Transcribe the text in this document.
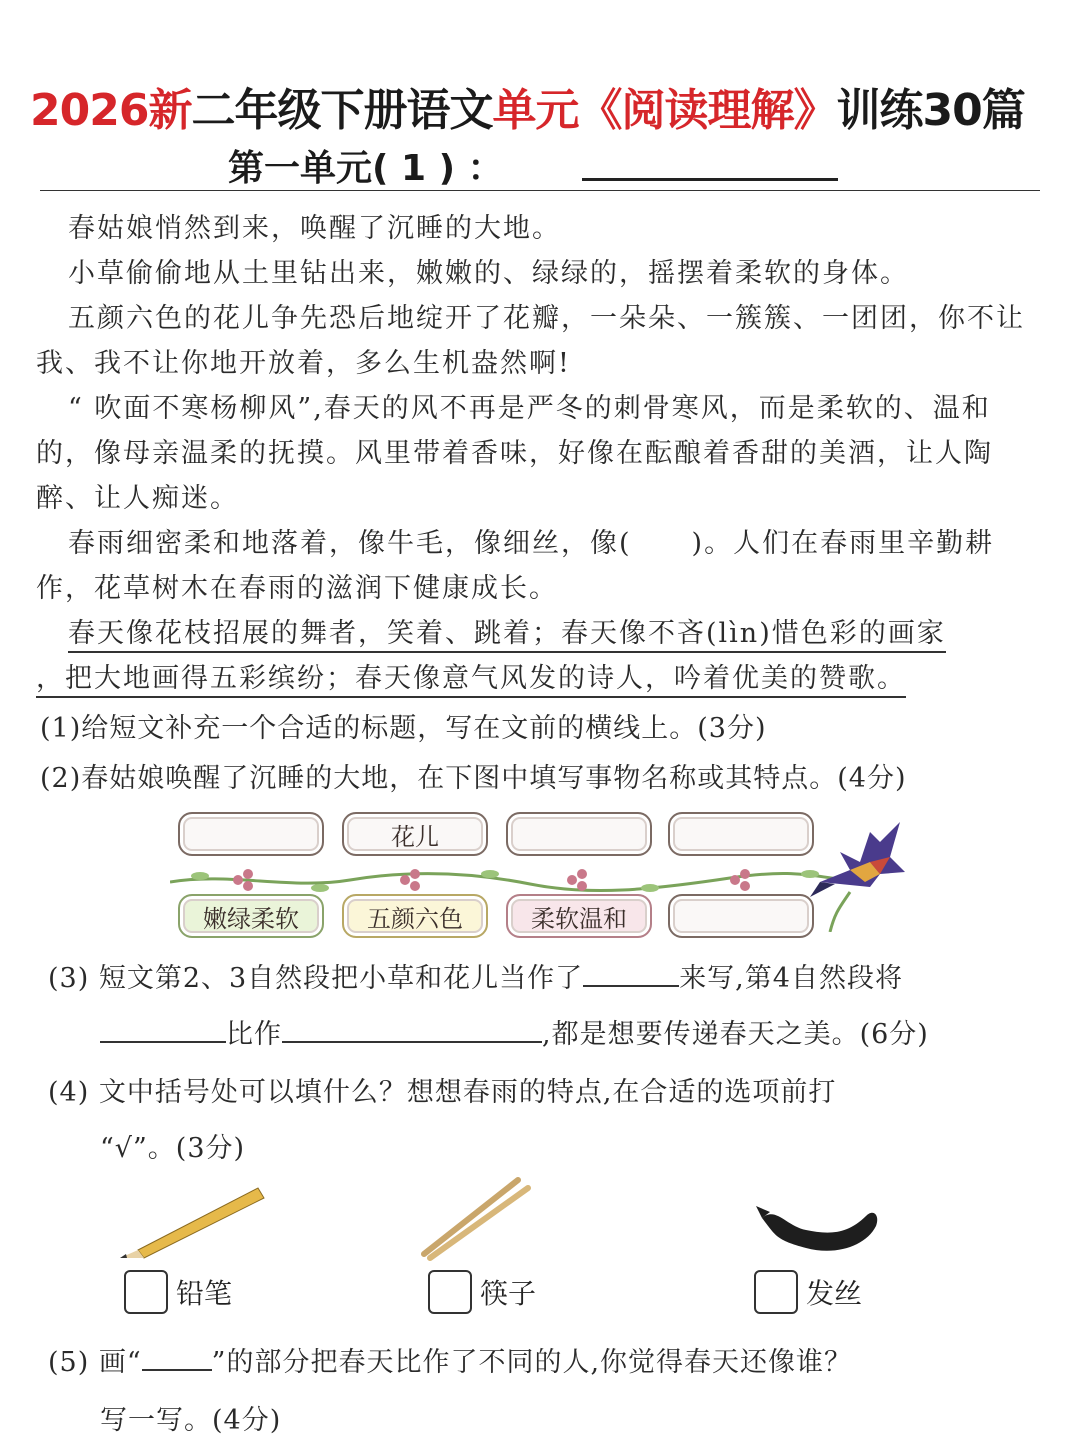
2026新二年级下册语文单元《阅读理解》训练30篇
第一单元( 1 ) ：

春姑娘悄然到来，唤醒了沉睡的大地。

小草偷偷地从土里钻出来，嫩嫩的、绿绿的，摇摆着柔软的身体。

五颜六色的花儿争先恐后地绽开了花瓣，一朵朵、一簇簇、一团团，你不让我、我不让你地开放着，多么生机盎然啊!

“ 吹面不寒杨柳风”,春天的风不再是严冬的刺骨寒风，而是柔软的、温和的，像母亲温柔的抚摸。风里带着香味，好像在酝酿着香甜的美酒，让人陶醉、让人痴迷。

春雨细密柔和地落着，像牛毛，像细丝，像( )。人们在春雨里辛勤耕作，花草树木在春雨的滋润下健康成长。

春天像花枝招展的舞者，笑着、跳着；春天像不吝(lìn)惜色彩的画家

，把大地画得五彩缤纷；春天像意气风发的诗人，吟着优美的赞歌。

(1)给短文补充一个合适的标题，写在文前的横线上。(3分)
(2)春姑娘唤醒了沉睡的大地，在下图中填写事物名称或其特点。(4分)
花儿
嫩绿柔软	五颜六色	柔软温和
(3) 短文第2、3自然段把小草和花儿当作了	来写,第4自然段将
比作	,都是想要传递春天之美。(6分)
(4) 文中括号处可以填什么？想想春雨的特点,在合适的选项前打
“√”。(3分)
铅笔	筷子	发丝
(5) 画“	”的部分把春天比作了不同的人,你觉得春天还像谁？
写一写。(4分)
